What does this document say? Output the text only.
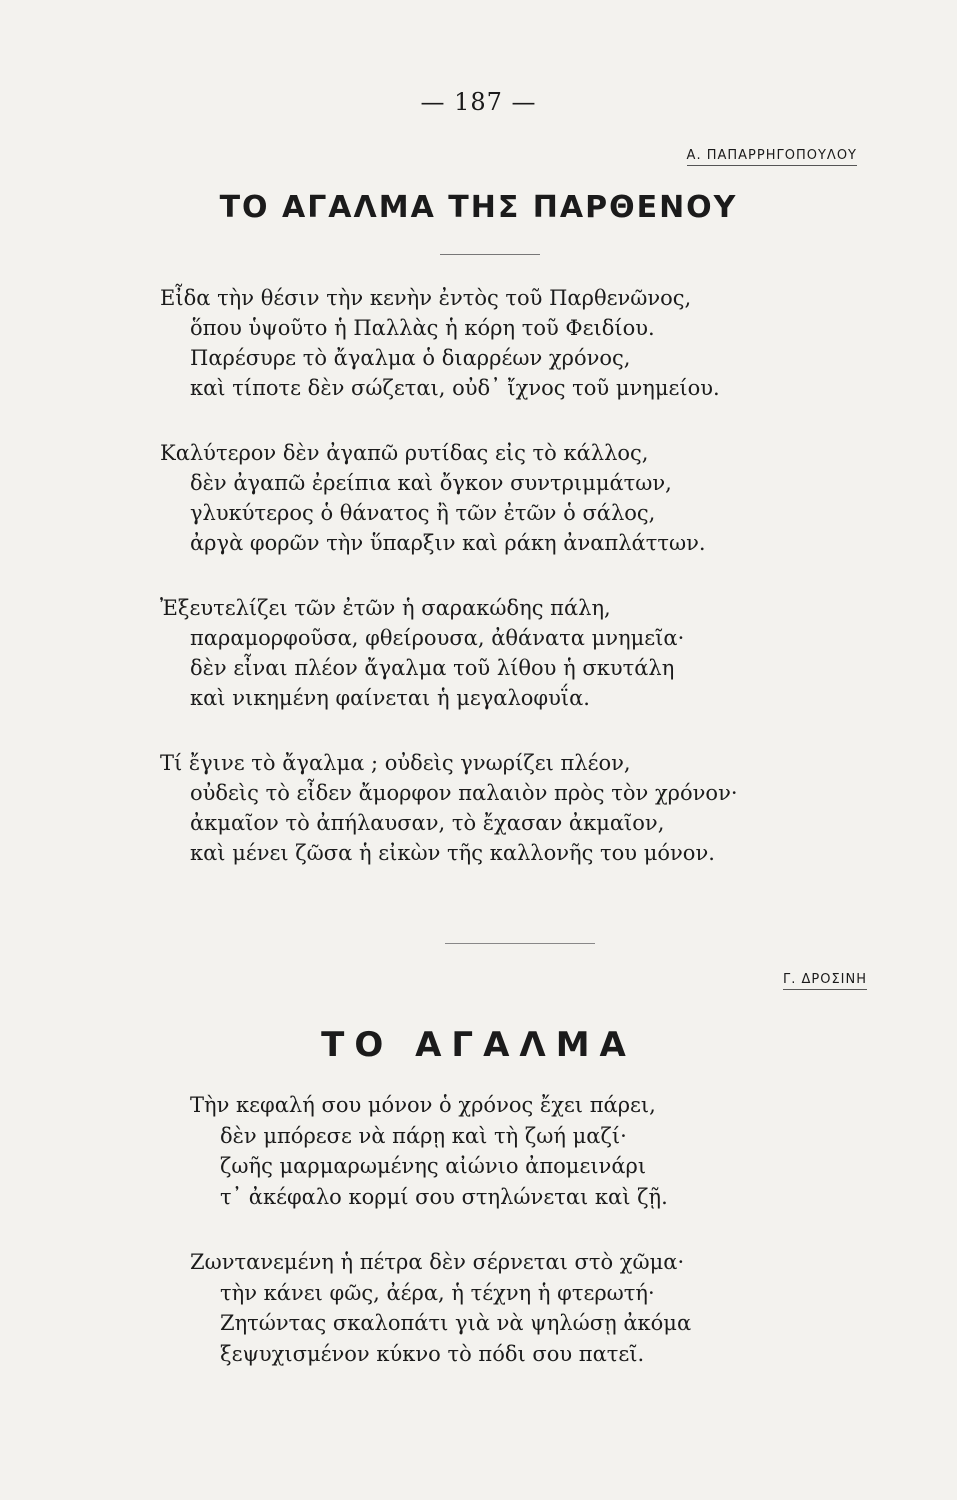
— 187 —
Α. ΠΑΠΑΡΡΗΓΟΠΟΥΛΟΥ
ΤΟ ΑΓΑΛΜΑ ΤΗΣ ΠΑΡΘΕΝΟΥ
Εἶδα τὴν θέσιν τὴν κενὴν ἐντὸς τοῦ Παρθενῶνος,
ὅπου ὑψοῦτο ἡ Παλλὰς ἡ κόρη τοῦ Φειδίου.
Παρέσυρε τὸ ἄγαλμα ὁ διαρρέων χρόνος,
καὶ τίποτε δὲν σώζεται, οὐδ᾽ ἴχνος τοῦ μνημείου.
Καλύτερον δὲν ἀγαπῶ ρυτίδας εἰς τὸ κάλλος,
δὲν ἀγαπῶ ἐρείπια καὶ ὄγκον συντριμμάτων,
γλυκύτερος ὁ θάνατος ἢ τῶν ἐτῶν ὁ σάλος,
ἀργὰ φορῶν τὴν ὕπαρξιν καὶ ράκη ἀναπλάττων.
Ἐξευτελίζει τῶν ἐτῶν ἡ σαρακώδης πάλη,
παραμορφοῦσα, φθείρουσα, ἀθάνατα μνημεῖα·
δὲν εἶναι πλέον ἄγαλμα τοῦ λίθου ἡ σκυτάλη
καὶ νικημένη φαίνεται ἡ μεγαλοφυΐα.
Τί ἔγινε τὸ ἄγαλμα ; οὐδεὶς γνωρίζει πλέον,
οὐδεὶς τὸ εἶδεν ἄμορφον παλαιὸν πρὸς τὸν χρόνον·
ἀκμαῖον τὸ ἀπήλαυσαν, τὸ ἔχασαν ἀκμαῖον,
καὶ μένει ζῶσα ἡ εἰκὼν τῆς καλλονῆς του μόνον.
Γ. ΔΡΟΣΙΝΗ
ΤΟ ΑΓΑΛΜΑ
Τὴν κεφαλή σου μόνον ὁ χρόνος ἔχει πάρει,
δὲν μπόρεσε νὰ πάρῃ καὶ τὴ ζωή μαζί·
ζωῆς μαρμαρωμένης αἰώνιο ἀπομεινάρι
τ᾽ ἀκέφαλο κορμί σου στηλώνεται καὶ ζῇ.
Ζωντανεμένη ἡ πέτρα δὲν σέρνεται στὸ χῶμα·
τὴν κάνει φῶς, ἀέρα, ἡ τέχνη ἡ φτερωτή·
Ζητώντας σκαλοπάτι γιὰ νὰ ψηλώσῃ ἀκόμα
ξεψυχισμένον κύκνο τὸ πόδι σου πατεῖ.
